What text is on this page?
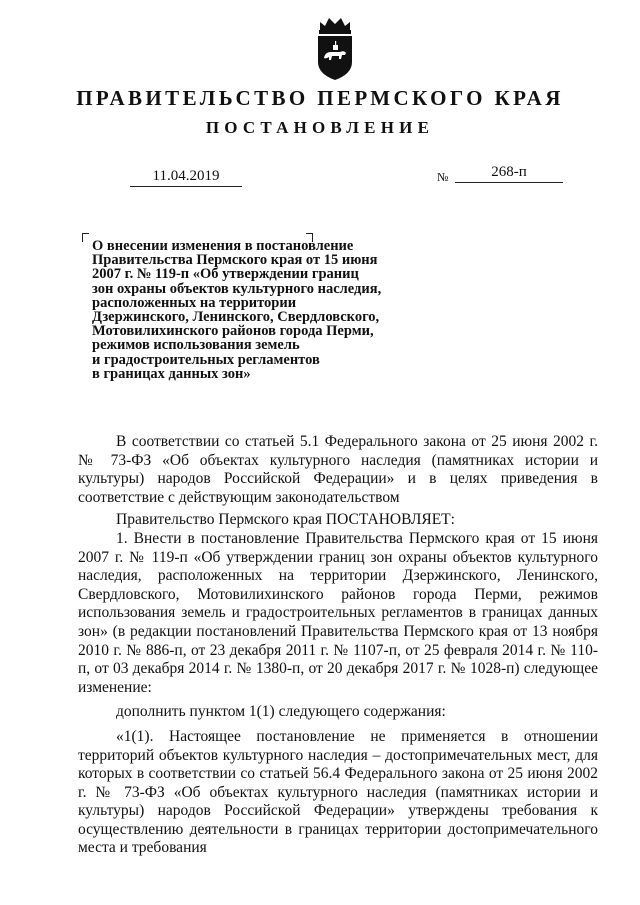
ПРАВИТЕЛЬСТВО ПЕРМСКОГО КРАЯ
ПОСТАНОВЛЕНИЕ
11.04.2019	№	268-п
О внесении изменения в постановление
Правительства Пермского края от 15 июня
2007 г. № 119-п «Об утверждении границ
зон охраны объектов культурного наследия,
расположенных на территории
Дзержинского, Ленинского, Свердловского,
Мотовилихинского районов города Перми,
режимов использования земель
и градостроительных регламентов
в границах данных зон»

В соответствии со статьей 5.1 Федерального закона от 25 июня 2002 г. № 73-ФЗ «Об объектах культурного наследия (памятниках истории и культуры) народов Российской Федерации» и в целях приведения в соответствие с действующим законодательством

Правительство Пермского края ПОСТАНОВЛЯЕТ:

1. Внести в постановление Правительства Пермского края от 15 июня 2007 г. № 119-п «Об утверждении границ зон охраны объектов культурного наследия, расположенных на территории Дзержинского, Ленинского, Свердловского, Мотовилихинского районов города Перми, режимов использования земель и градостроительных регламентов в границах данных зон» (в редакции постановлений Правительства Пермского края от 13 ноября 2010 г. № 886-п, от 23 декабря 2011 г. № 1107-п, от 25 февраля 2014 г. № 110-п, от 03 декабря 2014 г. № 1380-п, от 20 декабря 2017 г. № 1028-п) следующее изменение:

дополнить пунктом 1(1) следующего содержания:

«1(1). Настоящее постановление не применяется в отношении территорий объектов культурного наследия – достопримечательных мест, для которых в соответствии со статьей 56.4 Федерального закона от 25 июня 2002 г. № 73-ФЗ «Об объектах культурного наследия (памятниках истории и культуры) народов Российской Федерации» утверждены требования к осуществлению деятельности в границах территории достопримечательного места и требования
